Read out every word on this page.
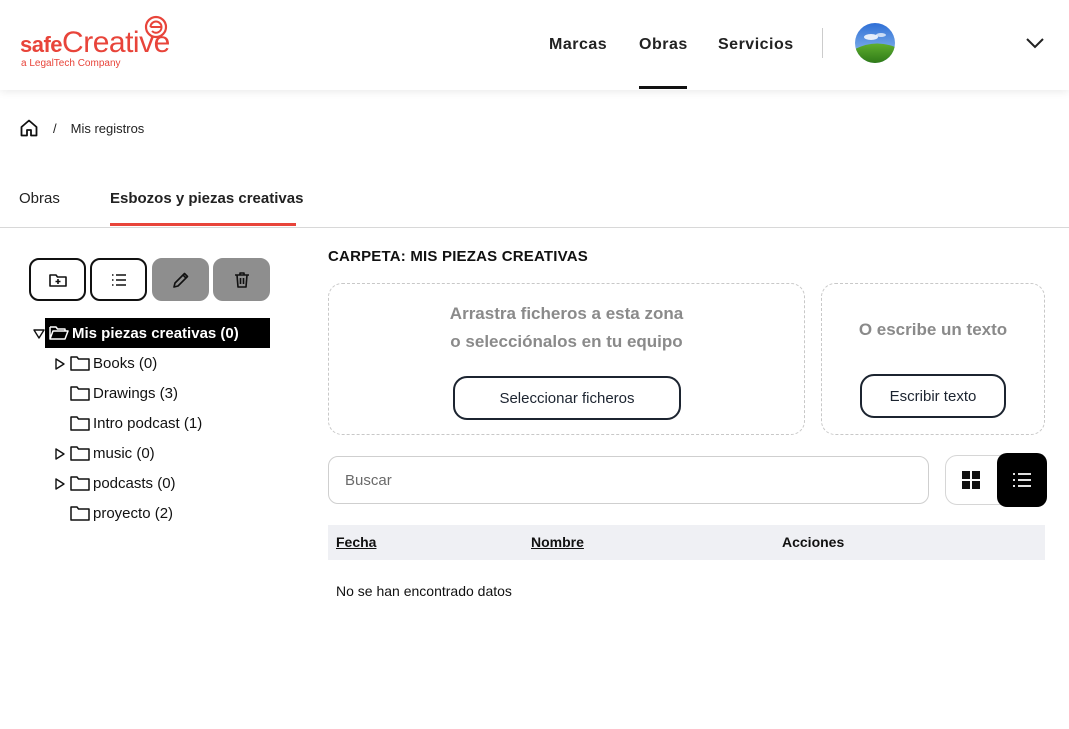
safeCreative
a LegalTech Company
Marcas Obras Servicios
/ Mis registros
Obras	Esbozos y piezas creativas
Mis piezas creativas (0)
Books (0)
Drawings (3)
Intro podcast (1)
music (0)
podcasts (0)
proyecto (2)
CARPETA: MIS PIEZAS CREATIVAS
Arrastra ficheros a esta zona
o selecciónalos en tu equipo
Seleccionar ficheros
O escribe un texto
Escribir texto
Buscar
Fecha	Nombre	Acciones
No se han encontrado datos
